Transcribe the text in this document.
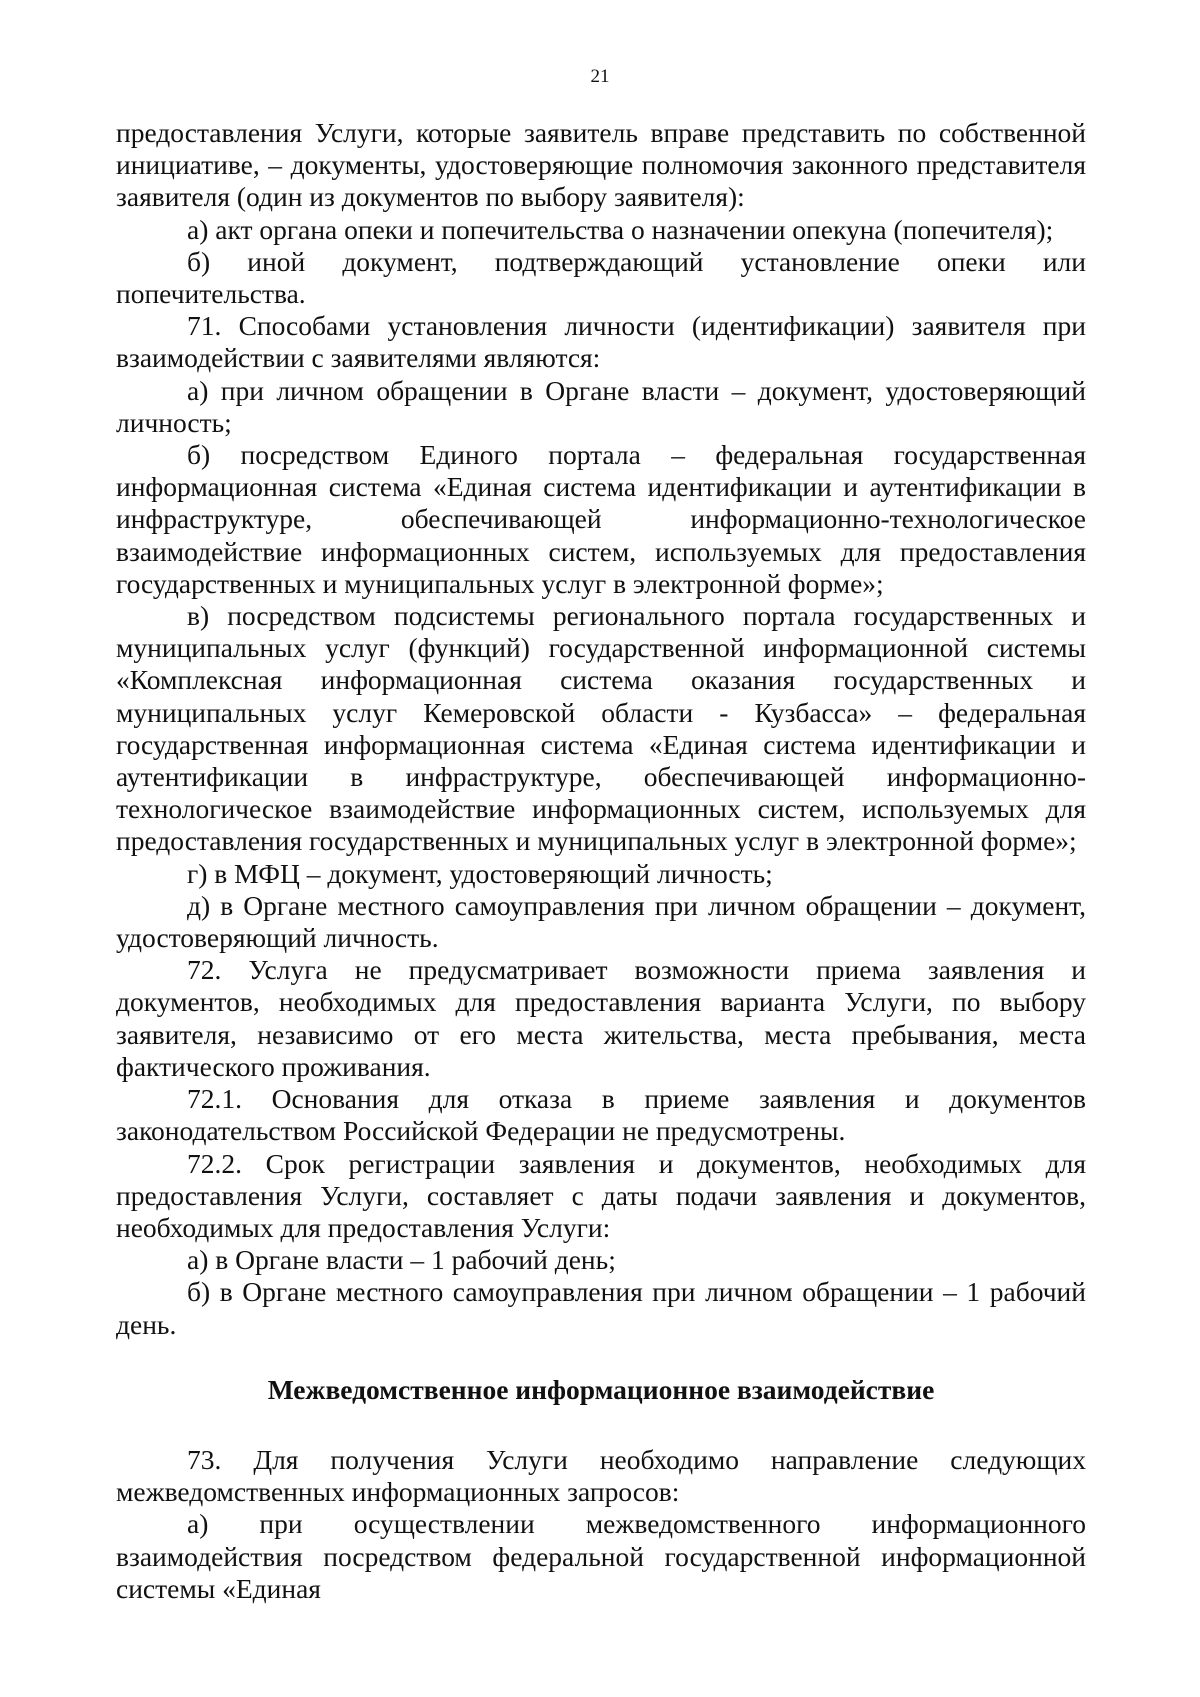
21

предоставления Услуги, которые заявитель вправе представить по собственной инициативе, – документы, удостоверяющие полномочия законного представителя заявителя (один из документов по выбору заявителя):

а) акт органа опеки и попечительства о назначении опекуна (попечителя);

б) иной документ, подтверждающий установление опеки или попечительства.

71. Способами установления личности (идентификации) заявителя при взаимодействии с заявителями являются:

а) при личном обращении в Органе власти – документ, удостоверяющий личность;

б) посредством Единого портала – федеральная государственная информационная система «Единая система идентификации и аутентификации в инфраструктуре, обеспечивающей информационно-технологическое взаимодействие информационных систем, используемых для предоставления государственных и муниципальных услуг в электронной форме»;

в) посредством подсистемы регионального портала государственных и муниципальных услуг (функций) государственной информационной системы «Комплексная информационная система оказания государственных и муниципальных услуг Кемеровской области - Кузбасса» – федеральная государственная информационная система «Единая система идентификации и аутентификации в инфраструктуре, обеспечивающей информационно-технологическое взаимодействие информационных систем, используемых для предоставления государственных и муниципальных услуг в электронной форме»;

г) в МФЦ – документ, удостоверяющий личность;

д) в Органе местного самоуправления при личном обращении – документ, удостоверяющий личность.

72. Услуга не предусматривает возможности приема заявления и документов, необходимых для предоставления варианта Услуги, по выбору заявителя, независимо от его места жительства, места пребывания, места фактического проживания.

72.1. Основания для отказа в приеме заявления и документов законодательством Российской Федерации не предусмотрены.

72.2. Срок регистрации заявления и документов, необходимых для предоставления Услуги, составляет с даты подачи заявления и документов, необходимых для предоставления Услуги:

а) в Органе власти – 1 рабочий день;

б) в Органе местного самоуправления при личном обращении – 1 рабочий день.

Межведомственное информационное взаимодействие

73. Для получения Услуги необходимо направление следующих межведомственных информационных запросов:

а) при осуществлении межведомственного информационного взаимодействия посредством федеральной государственной информационной системы «Единая
